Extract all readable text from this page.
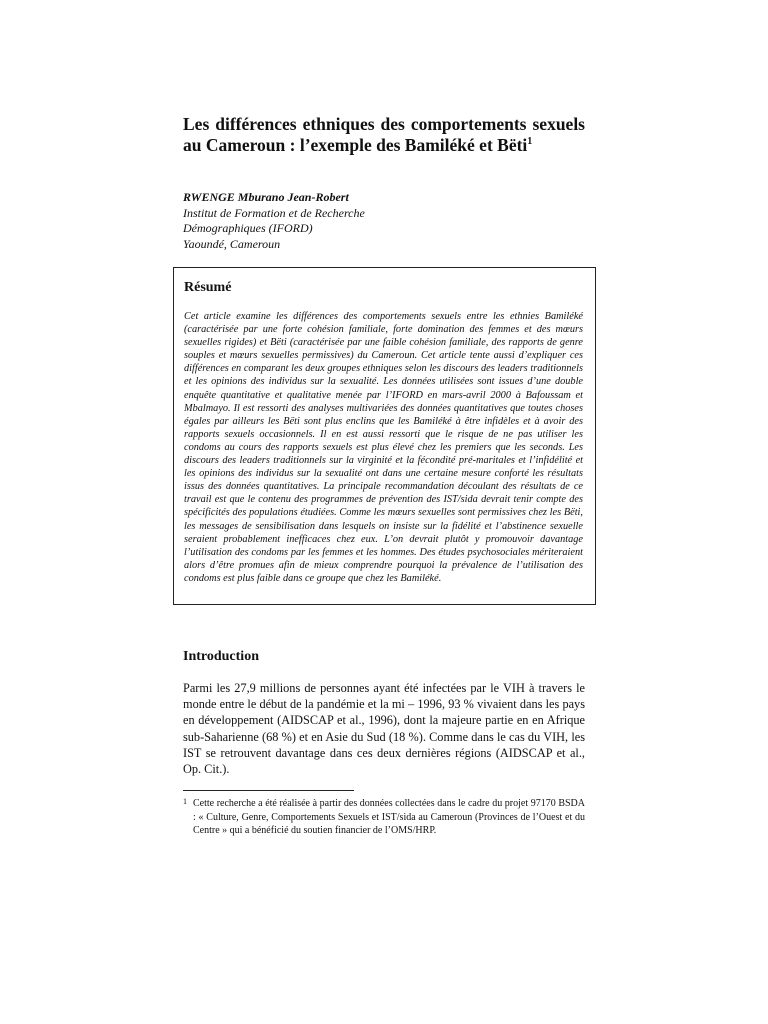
Les différences ethniques des comportements sexuels au Cameroun : l’exemple des Bamiléké et Bëti$^1$
RWENGE Mburano Jean-Robert
Institut de Formation et de Recherche
Démographiques (IFORD)
Yaoundé, Cameroun
Résumé

Cet article examine les différences des comportements sexuels entre les ethnies Bamiléké (caractérisée par une forte cohésion familiale, forte domination des femmes et des mœurs sexuelles rigides) et Bëti (caractérisée par une faible cohésion familiale, des rapports de genre souples et mœurs sexuelles permissives) du Cameroun. Cet article tente aussi d’expliquer ces différences en comparant les deux groupes ethniques selon les discours des leaders traditionnels et les opinions des individus sur la sexualité. Les données utilisées sont issues d’une double enquête quantitative et qualitative menée par l’IFORD en mars-avril 2000 à Bafoussam et Mbalmayo. Il est ressorti des analyses multivariées des données quantitatives que toutes choses égales par ailleurs les Bëti sont plus enclins que les Bamiléké à être infidèles et à avoir des rapports sexuels occasionnels. Il en est aussi ressorti que le risque de ne pas utiliser les condoms au cours des rapports sexuels est plus élevé chez les premiers que les seconds. Les discours des leaders traditionnels sur la virginité et la fécondité pré-maritales et l’infidélité et les opinions des individus sur la sexualité ont dans une certaine mesure conforté les résultats issus des données quantitatives. La principale recommandation découlant des résultats de ce travail est que le contenu des programmes de prévention des IST/sida devrait tenir compte des spécificités des populations étudiées. Comme les mœurs sexuelles sont permissives chez les Bëti, les messages de sensibilisation dans lesquels on insiste sur la fidélité et l’abstinence sexuelle seraient probablement inefficaces chez eux. L’on devrait plutôt y promouvoir davantage l’utilisation des condoms par les femmes et les hommes. Des études psychosociales mériteraient alors d’être promues afin de mieux comprendre pourquoi la prévalence de l’utilisation des condoms est plus faible dans ce groupe que chez les Bamiléké.

Introduction

Parmi les 27,9 millions de personnes ayant été infectées par le VIH à travers le monde entre le début de la pandémie et la mi – 1996, 93 % vivaient dans les pays en développement (AIDSCAP et al., 1996), dont la majeure partie en en Afrique sub-Saharienne (68 %) et en Asie du Sud (18 %). Comme dans le cas du VIH, les IST se retrouvent davantage dans ces deux dernières régions (AIDSCAP et al., Op. Cit.).

1 Cette recherche a été réalisée à partir des données collectées dans le cadre du projet 97170 BSDA : « Culture, Genre, Comportements Sexuels et IST/sida au Cameroun (Provinces de l’Ouest et du Centre » qui a bénéficié du soutien financier de l’OMS/HRP.
